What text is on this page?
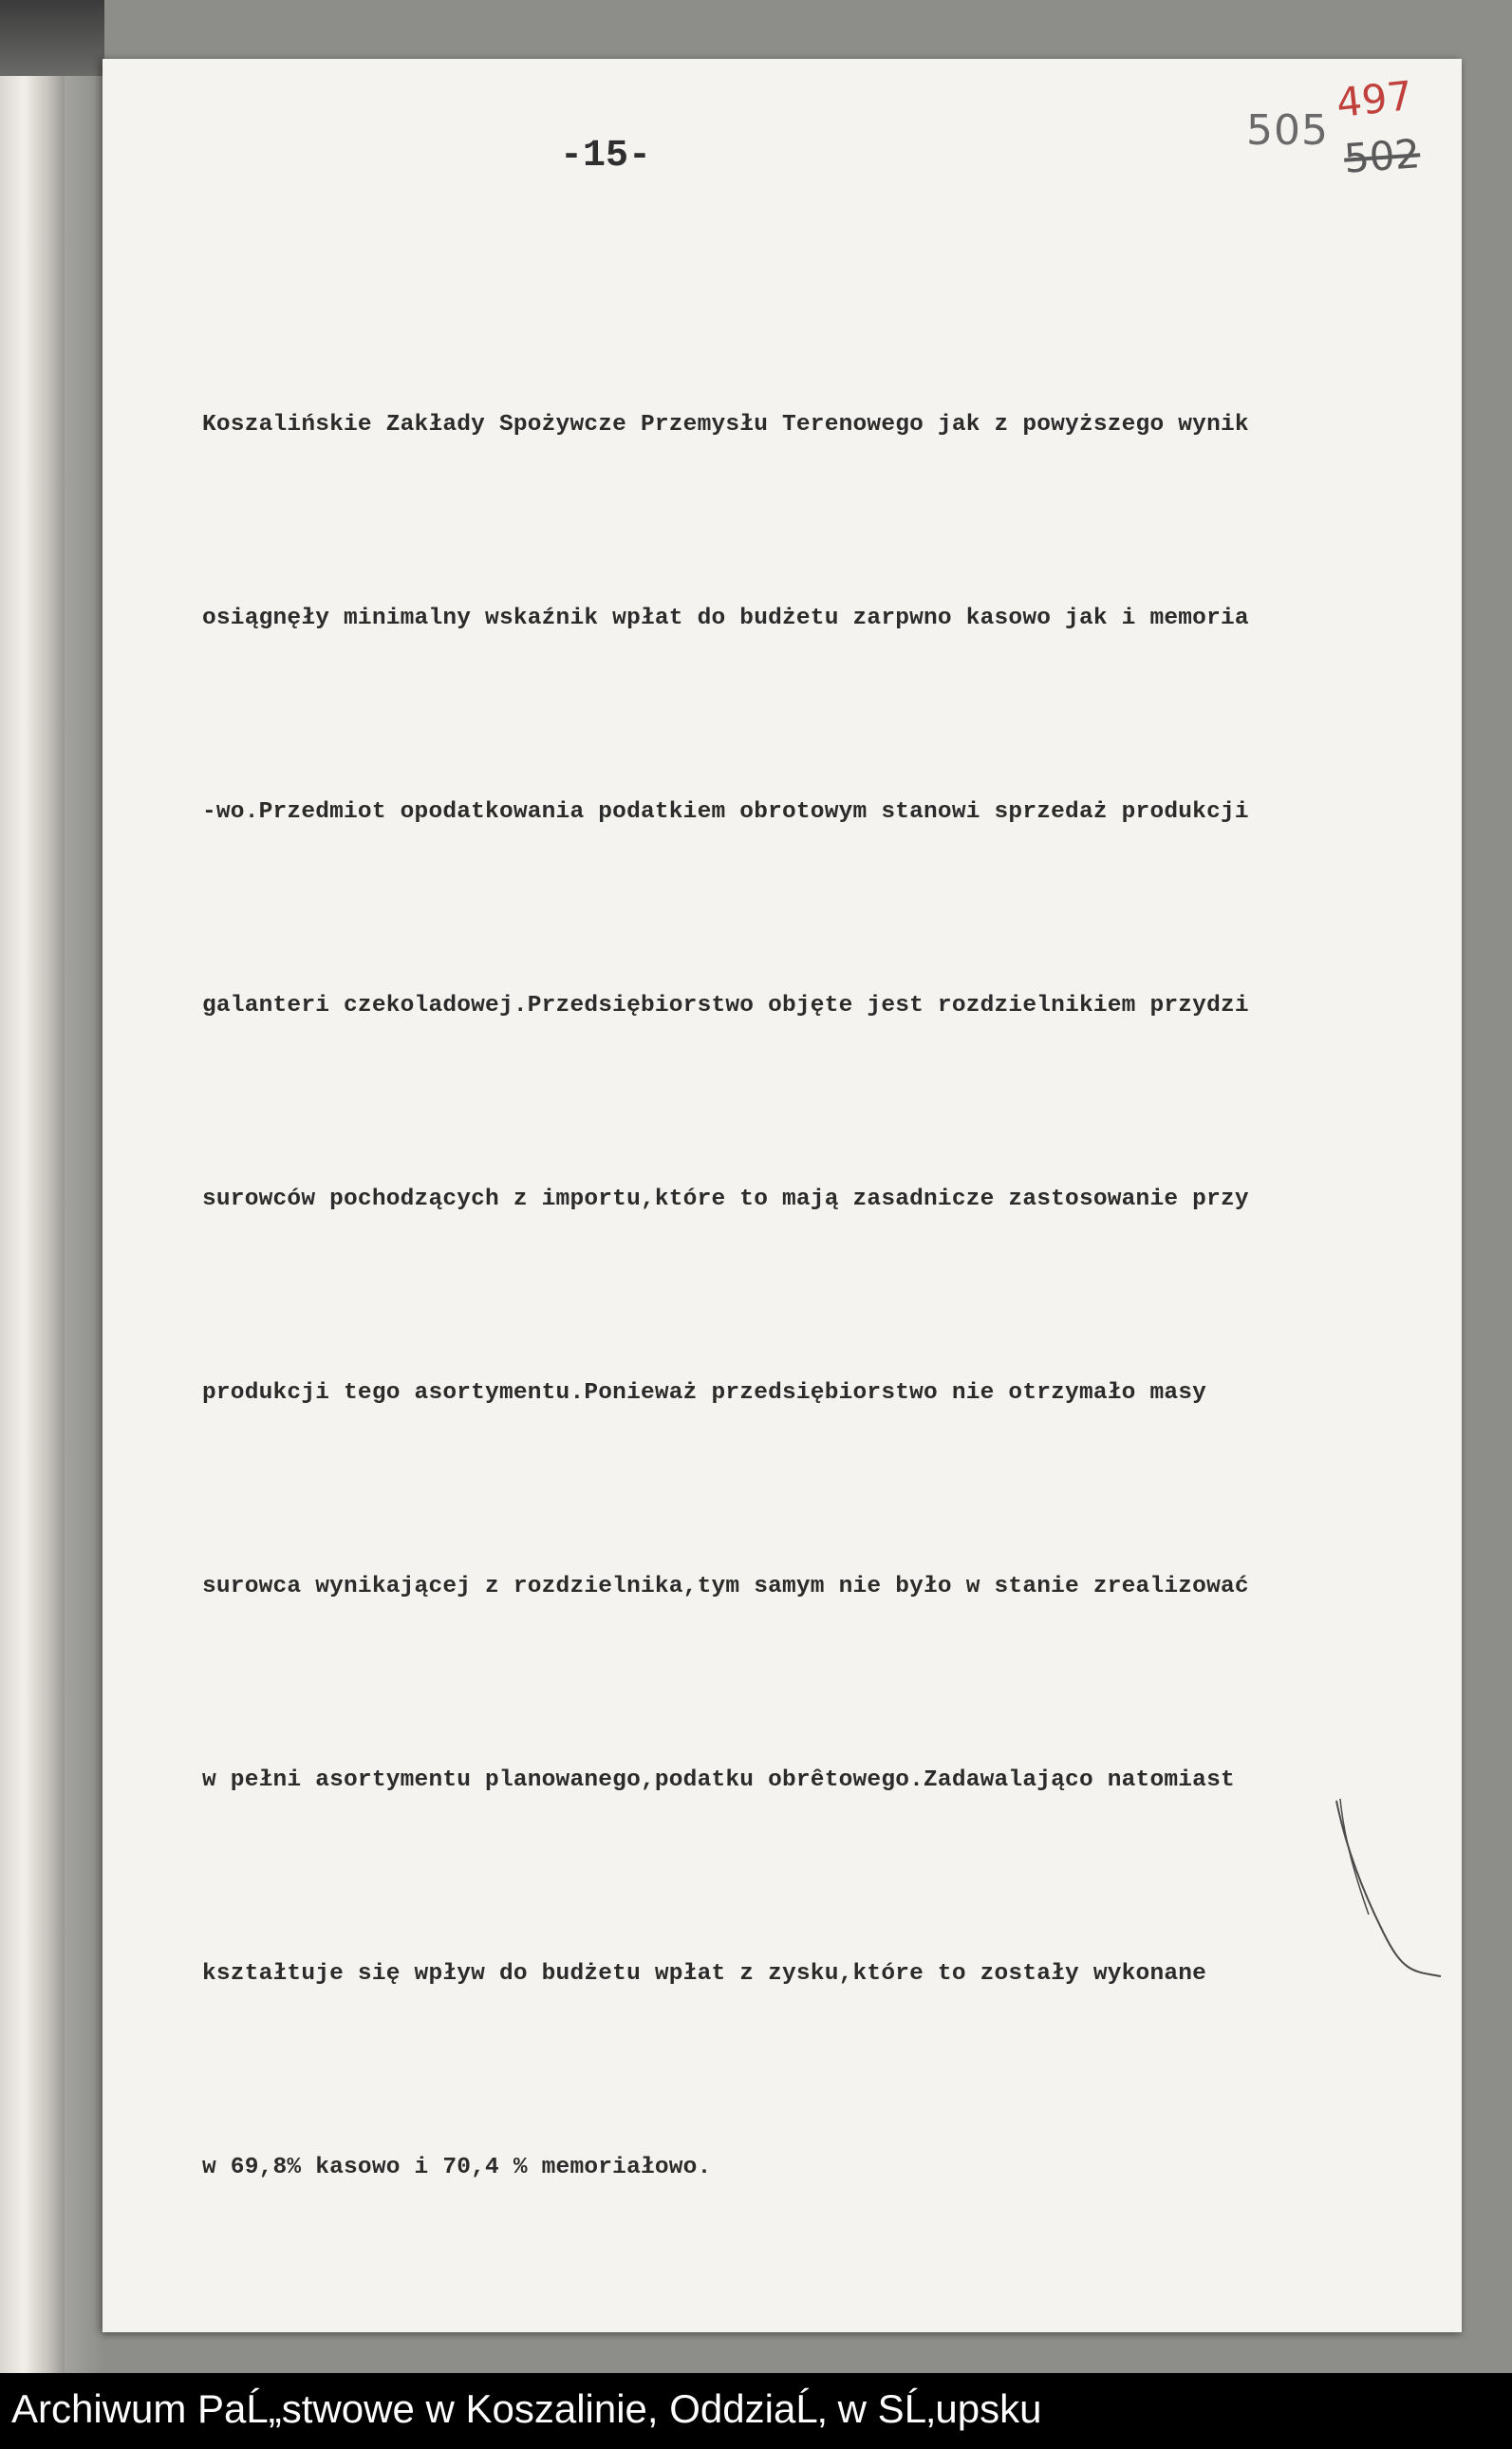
505
497
502
-15-

Koszalińskie Zakłady Spożywcze Przemysłu Terenowego jak z powyższego wynik

osiągnęły minimalny wskaźnik wpłat do budżetu zarpwno kasowo jak i memoria

-wo.Przedmiot opodatkowania podatkiem obrotowym stanowi sprzedaż produkcji

galanteri czekoladowej.Przedsiębiorstwo objęte jest rozdzielnikiem przydzi

surowców pochodzących z importu,które to mają zasadnicze zastosowanie przy

produkcji tego asortymentu.Ponieważ przedsiębiorstwo nie otrzymało masy

surowca wynikającej z rozdzielnika,tym samym nie było w stanie zrealizować

w pełni asortymentu planowanego,podatku obrêtowego.Zadawalająco natomiast

kształtuje się wpływ do budżetu wpłat z zysku,które to zostały wykonane

w 69,8% kasowo i 70,4 % memoriałowo.

Archiwum PaĹ„stwowe w Koszalinie, OddziaĹ‚ w SĹ‚upsku
